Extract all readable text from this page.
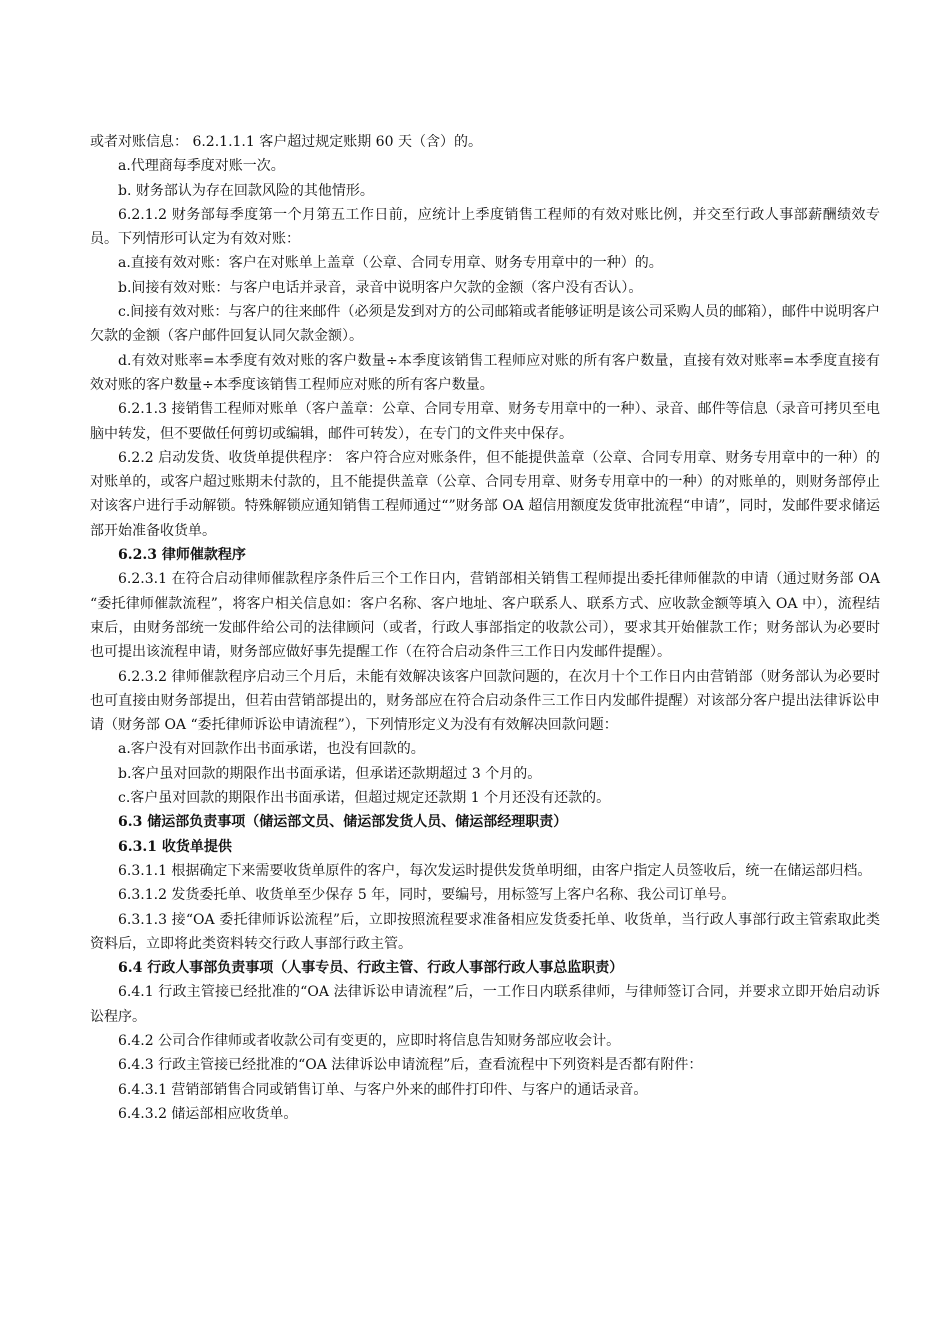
或者对账信息： 6.2.1.1.1 客户超过规定账期 60 天（含）的。

a.代理商每季度对账一次。

b. 财务部认为存在回款风险的其他情形。

6.2.1.2 财务部每季度第一个月第五工作日前，应统计上季度销售工程师的有效对账比例，并交至行政人事部薪酬绩效专员。下列情形可认定为有效对账：

a.直接有效对账：客户在对账单上盖章（公章、合同专用章、财务专用章中的一种）的。

b.间接有效对账：与客户电话并录音，录音中说明客户欠款的金额（客户没有否认）。

c.间接有效对账：与客户的往来邮件（必须是发到对方的公司邮箱或者能够证明是该公司采购人员的邮箱），邮件中说明客户欠款的金额（客户邮件回复认同欠款金额）。

d.有效对账率=本季度有效对账的客户数量÷本季度该销售工程师应对账的所有客户数量，直接有效对账率=本季度直接有效对账的客户数量÷本季度该销售工程师应对账的所有客户数量。

6.2.1.3 接销售工程师对账单（客户盖章：公章、合同专用章、财务专用章中的一种）、录音、邮件等信息（录音可拷贝至电脑中转发，但不要做任何剪切或编辑，邮件可转发），在专门的文件夹中保存。

6.2.2 启动发货、收货单提供程序： 客户符合应对账条件，但不能提供盖章（公章、合同专用章、财务专用章中的一种）的对账单的，或客户超过账期未付款的，且不能提供盖章（公章、合同专用章、财务专用章中的一种）的对账单的，则财务部停止对该客户进行手动解锁。特殊解锁应通知销售工程师通过“”财务部 OA 超信用额度发货审批流程“申请”，同时，发邮件要求储运部开始准备收货单。

6.2.3 律师催款程序

6.2.3.1 在符合启动律师催款程序条件后三个工作日内，营销部相关销售工程师提出委托律师催款的申请（通过财务部 OA “委托律师催款流程”，将客户相关信息如：客户名称、客户地址、客户联系人、联系方式、应收款金额等填入 OA 中），流程结束后，由财务部统一发邮件给公司的法律顾问（或者，行政人事部指定的收款公司），要求其开始催款工作；财务部认为必要时也可提出该流程申请，财务部应做好事先提醒工作（在符合启动条件三工作日内发邮件提醒）。

6.2.3.2 律师催款程序启动三个月后，未能有效解决该客户回款问题的，在次月十个工作日内由营销部（财务部认为必要时也可直接由财务部提出，但若由营销部提出的，财务部应在符合启动条件三工作日内发邮件提醒）对该部分客户提出法律诉讼申请（财务部 OA “委托律师诉讼申请流程”），下列情形定义为没有有效解决回款问题：

a.客户没有对回款作出书面承诺，也没有回款的。

b.客户虽对回款的期限作出书面承诺，但承诺还款期超过 3 个月的。

c.客户虽对回款的期限作出书面承诺，但超过规定还款期 1 个月还没有还款的。

6.3 储运部负责事项（储运部文员、储运部发货人员、储运部经理职责）

6.3.1 收货单提供

6.3.1.1 根据确定下来需要收货单原件的客户，每次发运时提供发货单明细，由客户指定人员签收后，统一在储运部归档。

6.3.1.2 发货委托单、收货单至少保存 5 年，同时，要编号，用标签写上客户名称、我公司订单号。

6.3.1.3 接“OA 委托律师诉讼流程”后，立即按照流程要求准备相应发货委托单、收货单，当行政人事部行政主管索取此类资料后，立即将此类资料转交行政人事部行政主管。

6.4 行政人事部负责事项（人事专员、行政主管、行政人事部行政人事总监职责）

6.4.1 行政主管接已经批准的“OA 法律诉讼申请流程”后，一工作日内联系律师，与律师签订合同，并要求立即开始启动诉讼程序。

6.4.2 公司合作律师或者收款公司有变更的，应即时将信息告知财务部应收会计。

6.4.3 行政主管接已经批准的“OA 法律诉讼申请流程”后，查看流程中下列资料是否都有附件：

6.4.3.1 营销部销售合同或销售订单、与客户外来的邮件打印件、与客户的通话录音。

6.4.3.2 储运部相应收货单。
